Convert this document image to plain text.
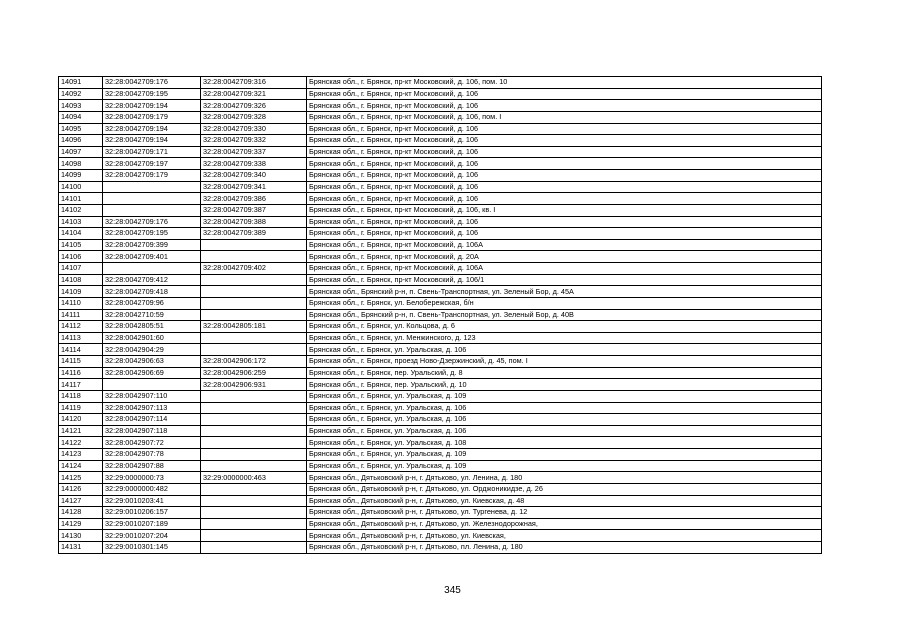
14091	32:28:0042709:176	32:28:0042709:316	Брянская обл., г. Брянск, пр-кт Московский, д. 106, пом. 10
14092	32:28:0042709:195	32:28:0042709:321	Брянская обл., г. Брянск, пр-кт Московский, д. 106
14093	32:28:0042709:194	32:28:0042709:326	Брянская обл., г. Брянск, пр-кт Московский, д. 106
14094	32:28:0042709:179	32:28:0042709:328	Брянская обл., г. Брянск, пр-кт Московский, д. 106, пом. I
14095	32:28:0042709:194	32:28:0042709:330	Брянская обл., г. Брянск, пр-кт Московский, д. 106
14096	32:28:0042709:194	32:28:0042709:332	Брянская обл., г. Брянск, пр-кт Московский, д. 106
14097	32:28:0042709:171	32:28:0042709:337	Брянская обл., г. Брянск, пр-кт Московский, д. 106
14098	32:28:0042709:197	32:28:0042709:338	Брянская обл., г. Брянск, пр-кт Московский, д. 106
14099	32:28:0042709:179	32:28:0042709:340	Брянская обл., г. Брянск, пр-кт Московский, д. 106
14100		32:28:0042709:341	Брянская обл., г. Брянск, пр-кт Московский, д. 106
14101		32:28:0042709:386	Брянская обл., г. Брянск, пр-кт Московский, д. 106
14102		32:28:0042709:387	Брянская обл., г. Брянск, пр-кт Московский, д. 106, кв. I
14103	32:28:0042709:176	32:28:0042709:388	Брянская обл., г. Брянск, пр-кт Московский, д. 106
14104	32:28:0042709:195	32:28:0042709:389	Брянская обл., г. Брянск, пр-кт Московский, д. 106
14105	32:28:0042709:399		Брянская обл., г. Брянск, пр-кт Московский, д. 106А
14106	32:28:0042709:401		Брянская обл., г. Брянск, пр-кт Московский, д. 20А
14107		32:28:0042709:402	Брянская обл., г. Брянск, пр-кт Московский, д. 106А
14108	32:28:0042709:412		Брянская обл., г. Брянск, пр-кт Московский, д. 106/1
14109	32:28:0042709:418		Брянская обл., Брянский р-н, п. Свень-Транспортная, ул. Зеленый Бор, д. 45А
14110	32:28:0042709:96		Брянская обл., г. Брянск, ул. Белобережская, б/н
14111	32:28:0042710:59		Брянская обл., Брянский р-н, п. Свень-Транспортная, ул. Зеленый Бор, д. 40В
14112	32:28:0042805:51	32:28:0042805:181	Брянская обл., г. Брянск, ул. Кольцова, д. 6
14113	32:28:0042901:60		Брянская обл., г. Брянск, ул. Менжинского, д. 123
14114	32:28:0042904:29		Брянская обл., г. Брянск, ул. Уральская, д. 106
14115	32:28:0042906:63	32:28:0042906:172	Брянская обл., г. Брянск, проезд Ново-Дзержинский, д. 45, пом. I
14116	32:28:0042906:69	32:28:0042906:259	Брянская обл., г. Брянск, пер. Уральский, д. 8
14117		32:28:0042906:931	Брянская обл., г. Брянск, пер. Уральский, д. 10
14118	32:28:0042907:110		Брянская обл., г. Брянск, ул. Уральская, д. 109
14119	32:28:0042907:113		Брянская обл., г. Брянск, ул. Уральская, д. 106
14120	32:28:0042907:114		Брянская обл., г. Брянск, ул. Уральская, д. 106
14121	32:28:0042907:118		Брянская обл., г. Брянск, ул. Уральская, д. 106
14122	32:28:0042907:72		Брянская обл., г. Брянск, ул. Уральская, д. 108
14123	32:28:0042907:78		Брянская обл., г. Брянск, ул. Уральская, д. 109
14124	32:28:0042907:88		Брянская обл., г. Брянск, ул. Уральская, д. 109
14125	32:29:0000000:73	32:29:0000000:463	Брянская обл., Дятьковский р-н, г. Дятьково, ул. Ленина, д. 180
14126	32:29:0000000:482		Брянская обл., Дятьковский р-н, г. Дятьково, ул. Орджоникидзе, д. 26
14127	32:29:0010203:41		Брянская обл., Дятьковский р-н, г. Дятьково, ул. Киевская, д. 48
14128	32:29:0010206:157		Брянская обл., Дятьковский р-н, г. Дятьково, ул. Тургенева, д. 12
14129	32:29:0010207:189		Брянская обл., Дятьковский р-н, г. Дятьково, ул. Железнодорожная,
14130	32:29:0010207:204		Брянская обл., Дятьковский р-н, г. Дятьково, ул. Киевская,
14131	32:29:0010301:145		Брянская обл., Дятьковский р-н, г. Дятьково, пл. Ленина, д. 180
345
